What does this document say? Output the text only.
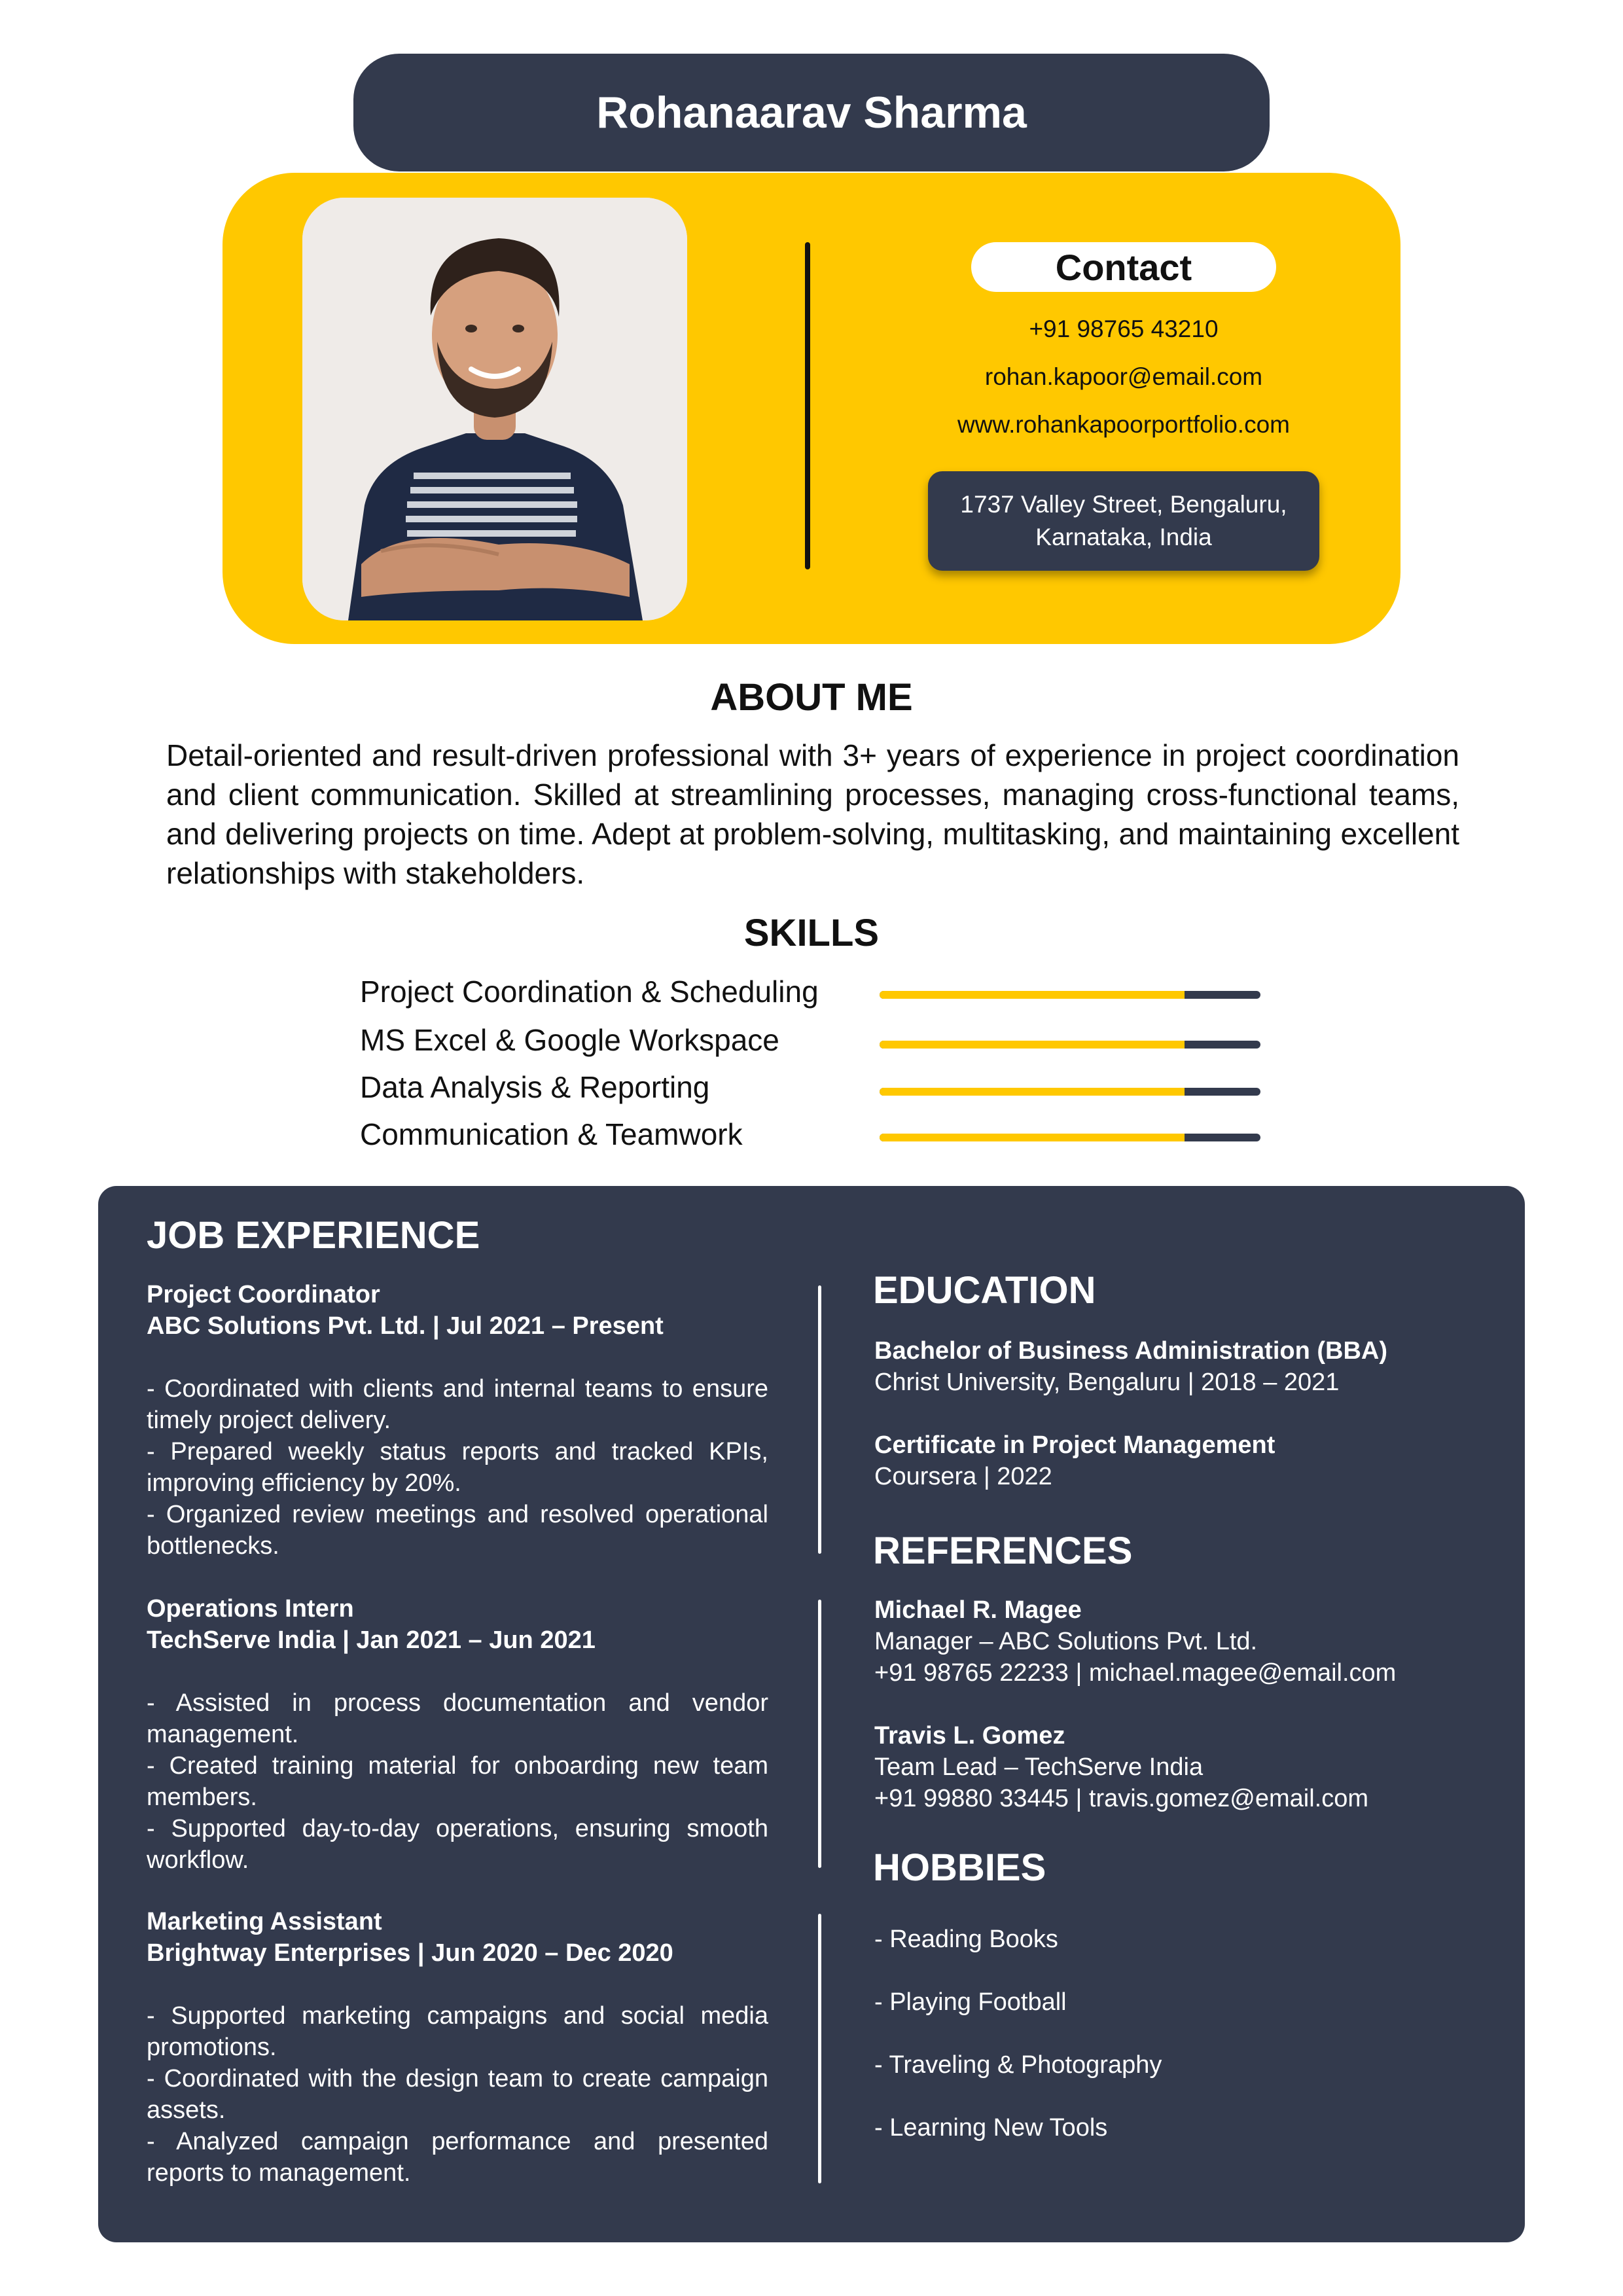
Rohanaarav Sharma
Contact
+91 98765 43210
rohan.kapoor@email.com
www.rohankapoorportfolio.com
1737 Valley Street, Bengaluru,
Karnataka, India
ABOUT ME
Detail-oriented and result-driven professional with 3+ years of experience in project coordination and client communication. Skilled at streamlining processes, managing cross-functional teams, and delivering projects on time. Adept at problem-solving, multitasking, and maintaining excellent relationships with stakeholders.
SKILLS
Project Coordination & Scheduling
MS Excel & Google Workspace
Data Analysis & Reporting
Communication & Teamwork
JOB EXPERIENCE
Project Coordinator
ABC Solutions Pvt. Ltd. | Jul 2021 – Present
- Coordinated with clients and internal teams to ensure timely project delivery.
- Prepared weekly status reports and tracked KPIs, improving efficiency by 20%.
- Organized review meetings and resolved operational bottlenecks.
Operations Intern
TechServe India | Jan 2021 – Jun 2021
- Assisted in process documentation and vendor management.
- Created training material for onboarding new team members.
- Supported day-to-day operations, ensuring smooth workflow.
Marketing Assistant
Brightway Enterprises | Jun 2020 – Dec 2020
- Supported marketing campaigns and social media promotions.
- Coordinated with the design team to create campaign assets.
- Analyzed campaign performance and presented reports to management.
EDUCATION
Bachelor of Business Administration (BBA)
Christ University, Bengaluru | 2018 – 2021
Certificate in Project Management
Coursera | 2022
REFERENCES
Michael R. Magee
Manager – ABC Solutions Pvt. Ltd.
+91 98765 22233 | michael.magee@email.com
Travis L. Gomez
Team Lead – TechServe India
+91 99880 33445 | travis.gomez@email.com
HOBBIES
- Reading Books
- Playing Football
- Traveling & Photography
- Learning New Tools
